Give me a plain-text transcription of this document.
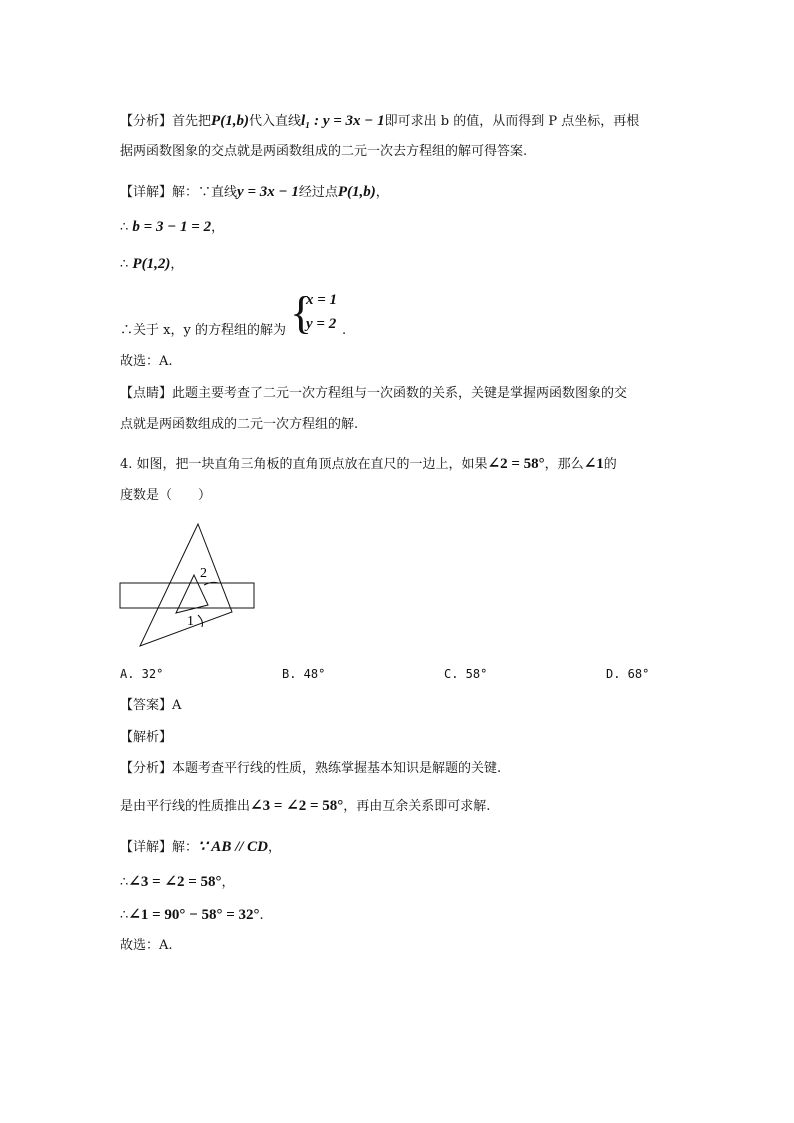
【分析】首先把P(1,b)代入直线l₁ : y = 3x − 1即可求出 b 的值，从而得到 P 点坐标，再根
据两函数图象的交点就是两函数组成的二元一次去方程组的解可得答案.
【详解】解：∵直线y = 3x − 1经过点P(1,b)，
∴ b = 3 − 1 = 2，
∴ P(1,2)，
∴关于 x，y 的方程组的解为 {
x = 1
y = 2 .
故选：A.
【点睛】此题主要考查了二元一次方程组与一次函数的关系，关键是掌握两函数图象的交
点就是两函数组成的二元一次方程组的解.
4. 如图，把一块直角三角板的直角顶点放在直尺的一边上，如果∠2 = 58°，那么∠1的
度数是（　　）
2
1
A. 32°	B. 48°	C. 58°	D. 68°
【答案】A
【解析】
【分析】本题考查平行线的性质，熟练掌握基本知识是解题的关键.
是由平行线的性质推出∠3 = ∠2 = 58°，再由互余关系即可求解.
【详解】解：∵ AB // CD，
∴∠3 = ∠2 = 58°，
∴∠1 = 90° − 58° = 32°.
故选：A.
